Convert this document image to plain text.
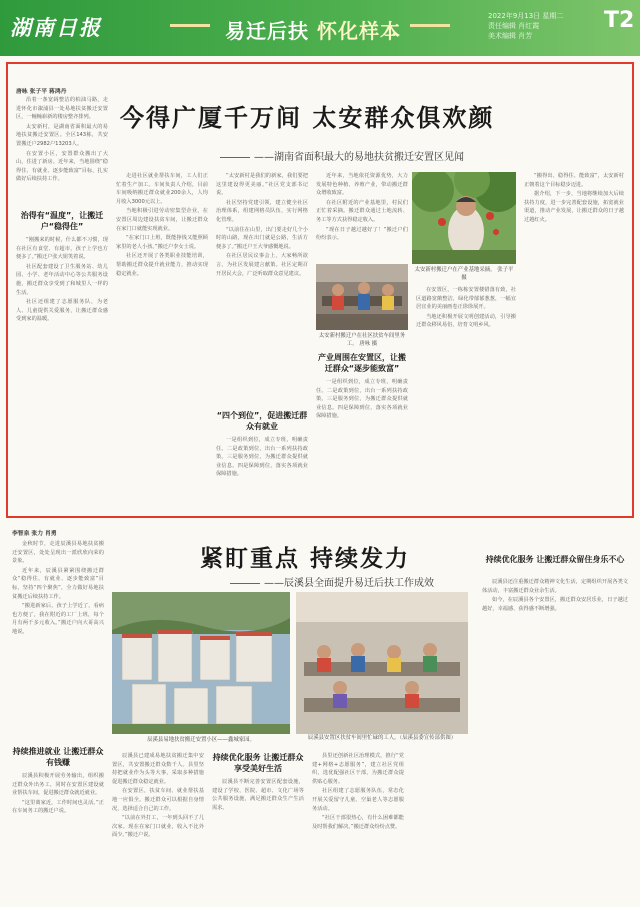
湖南日报	易迁后扶 怀化样本
2022年9月13日 星期二
责任编辑 肖红霞
美术编辑 肖芳
T2
唐咏 张子平 蒋鸿丹
今得广厦千万间 太安群众俱欢颜
——湖南省面积最大的易地扶贫搬迁安置区见闻

沿着一条宽阔整洁的柏油马路，走进怀化市溆浦县一处易地扶贫搬迁安置区，一幢幢崭新的楼房整齐排列。

太安新村，是湖南省面积最大的易地扶贫搬迁安置区。全区143栋，共安置搬迁户2982户13203人。

在安置小区，安置群众搬出了大山，住进了新房。近年来，当地围绕“稳得住、有就业、逐步能致富”目标，扎实做好后续扶持工作。

治得有“温度”，让搬迁户“稳得住”

“刚搬来的时候，什么都不习惯，现在社区有食堂、有超市，孩子上学也方便多了。”搬迁户张大姐笑着说。

社区配套建设了卫生服务站、幼儿园、小学、老年活动中心等公共服务设施，搬迁群众享受到了和城里人一样的生活。

社区还组建了志愿服务队，为老人、儿童提供关爱服务，让搬迁群众感受到家的温暖。

走进社区就业帮扶车间，工人们正忙着生产加工。车间负责人介绍，目前车间吸纳搬迁群众就业200余人，人均月收入3000元以上。

当地积极引进劳动密集型企业，在安置区周边建设扶贫车间，让搬迁群众在家门口就能实现就业。

“在家门口上班，既能挣钱又能照顾家里的老人小孩。”搬迁户李女士说。

社区还开展了各类职业技能培训，帮助搬迁群众提升就业能力，推动实现稳定就业。

“太安新村是我们的新家，我们要把这里建设得更美丽。”社区党支部书记说。

社区坚持党建引领，建立健全社区治理体系，组建网格员队伍，实行网格化管理。

“以前住在山里，出门要走好几个小时的山路，现在出门就是公路，生活方便多了。”搬迁户王大爷感慨地说。

在社区居民议事会上，大家畅所欲言，为社区发展建言献策。社区定期召开居民大会，广泛听取群众意见建议。

“四个到位”，促进搬迁群众有就业

一是组织到位，成立专班，明确责任。二是政策到位，出台一系列扶持政策。三是服务到位，为搬迁群众提供就业信息。四是保障到位，落实各项就业保障措施。

太安新村搬迁户在产业基地采摘。 张子平 摄

近年来，当地依托资源优势，大力发展特色种植、养殖产业，带动搬迁群众增收致富。

在社区附近的产业基地里，村民们正忙着采摘。搬迁群众通过土地流转、务工等方式获得稳定收入。

“现在日子越过越好了！”搬迁户们纷纷表示。

太安新村搬迁户在社区扶贫车间里务工。 唐咏 摄
产业周围在安置区，让搬迁群众“逐步能致富”

一是组织到位，成立专班，明确责任。二是政策到位，出台一系列扶持政策。三是服务到位，为搬迁群众提供就业信息。四是保障到位，落实各项就业保障措施。

在安置区，一栋栋安置楼错落有致，社区道路宽敞整洁，绿化带郁郁葱葱，一幅宜居宜业的美丽画卷正徐徐展开。

当地还积极开展文明创建活动，引导搬迁群众移风易俗，培育文明乡风。

“搬得出、稳得住、能致富”，太安新村正朝着这个目标稳步迈进。

据介绍，下一步，当地将继续加大后续扶持力度，进一步完善配套设施，拓宽就业渠道，推动产业发展，让搬迁群众的日子越过越红火。

李智泉 张力 肖勇
紧盯重点 持续发力
——辰溪县全面提升易迁后扶工作成效

金秋时节，走进辰溪县易地扶贫搬迁安置区，处处呈现出一派欣欣向荣的景象。

近年来，辰溪县紧紧围绕搬迁群众“稳得住、有就业、逐步能致富”目标，坚持“四个聚焦”，全力做好易地扶贫搬迁后续扶持工作。

“搬进新家后，孩子上学近了，看病也方便了，我在附近的工厂上班，每个月有两千多元收入。”搬迁户向大哥高兴地说。

持续推进就业 让搬迁群众有钱赚

辰溪县积极开展劳务输出，组织搬迁群众外出务工，同时在安置区建设就业帮扶车间，促进搬迁群众就近就业。

“这里离家近，工作时间也灵活。”正在车间务工的搬迁户说。

辰溪县易地扶贫搬迁安置小区——鑫城家园。	辰溪县安置区扶贫车间里忙碌的工人。（辰溪县委宣传部供图）

辰溪县已建成易地扶贫搬迁集中安置区，共安置搬迁群众数千人。县里坚持把就业作为头等大事，采取多种措施促进搬迁群众稳定就业。

在安置区，扶贫车间、就业帮扶基地一应俱全。搬迁群众可以根据自身情况，选择适合自己的工作。

“以前在外打工，一年到头回不了几次家。现在在家门口就业，收入不比外面少。”搬迁户说。

持续优化服务 让搬迁群众享受美好生活

辰溪县不断完善安置区配套设施，建设了学校、医院、超市、文化广场等公共服务设施，满足搬迁群众生产生活需求。

县里还创新社区治理模式，推行“党建+网格+志愿服务”，建立社区党组织，选优配强社区干部，为搬迁群众提供贴心服务。

社区组建了志愿服务队伍，常态化开展关爱留守儿童、空巢老人等志愿服务活动。

“社区干部很热心，有什么困难都能及时帮我们解决。”搬迁群众纷纷点赞。

持续优化服务 让搬迁群众留住身乐不心

辰溪县还注重搬迁群众精神文化生活，定期组织开展各类文体活动，丰富搬迁群众业余生活。

如今，在辰溪县各个安置区，搬迁群众安居乐业，日子越过越好，幸福感、获得感不断增强。
